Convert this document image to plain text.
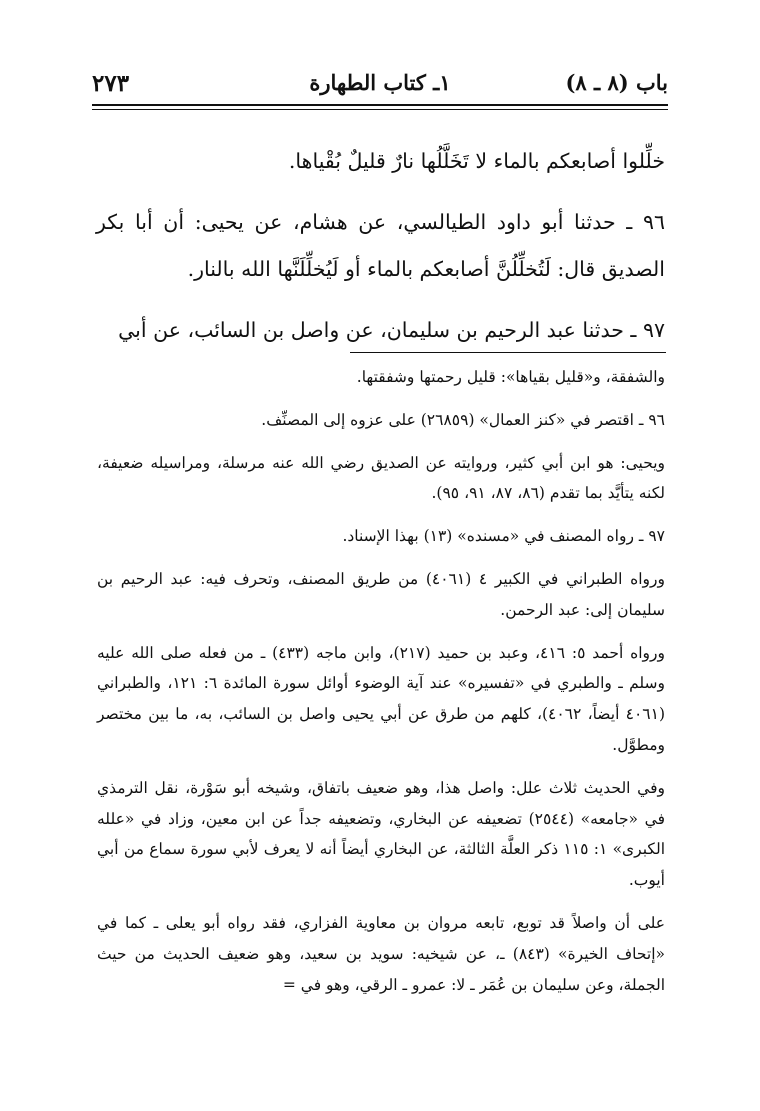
باب (٨ ـ ٨)
١ـ كتاب الطهارة
٢٧٣

خلِّلوا أصابعكم بالماء لا تَخَلَّلُها نارٌ قليلٌ بُقْياها.

٩٦ ـ حدثنا أبو داود الطيالسي، عن هشام، عن يحيى: أن أبا بكر الصديق قال: لَتُخلِّلُنَّ أصابعكم بالماء أو لَيُخلِّلَنَّها الله بالنار.

٩٧ ـ حدثنا عبد الرحيم بن سليمان، عن واصل بن السائب، عن أبي

والشفقة، و«قليل بقياها»: قليل رحمتها وشفقتها.

٩٦ ـ اقتصر في «كنز العمال» (٢٦٨٥٩) على عزوه إلى المصنِّف.

ويحيى: هو ابن أبي كثير، وروايته عن الصديق رضي الله عنه مرسلة، ومراسيله ضعيفة، لكنه يتأيَّد بما تقدم (٨٦، ٨٧، ٩١، ٩٥).

٩٧ ـ رواه المصنف في «مسنده» (١٣) بهذا الإسناد.

ورواه الطبراني في الكبير ٤ (٤٠٦١) من طريق المصنف، وتحرف فيه: عبد الرحيم بن سليمان إلى: عبد الرحمن.

ورواه أحمد ٥: ٤١٦، وعبد بن حميد (٢١٧)، وابن ماجه (٤٣٣) ـ من فعله صلى الله عليه وسلم ـ والطبري في «تفسيره» عند آية الوضوء أوائل سورة المائدة ٦: ١٢١، والطبراني (٤٠٦١ أيضاً، ٤٠٦٢)، كلهم من طرق عن أبي يحيى واصل بن السائب، به، ما بين مختصر ومطوَّل.

وفي الحديث ثلاث علل: واصل هذا، وهو ضعيف باتفاق، وشيخه أبو سَوْرة، نقل الترمذي في «جامعه» (٢٥٤٤) تضعيفه عن البخاري، وتضعيفه جداً عن ابن معين، وزاد في «علله الكبرى» ١: ١١٥ ذكر العلَّة الثالثة، عن البخاري أيضاً أنه لا يعرف لأبي سورة سماع من أبي أيوب.

على أن واصلاً قد توبع، تابعه مروان بن معاوية الفزاري، فقد رواه أبو يعلى ـ كما في «إتحاف الخيرة» (٨٤٣) ـ، عن شيخيه: سويد بن سعيد، وهو ضعيف الحديث من حيث الجملة، وعن سليمان بن عُمَر ـ لا: عمرو ـ الرقي، وهو في =
